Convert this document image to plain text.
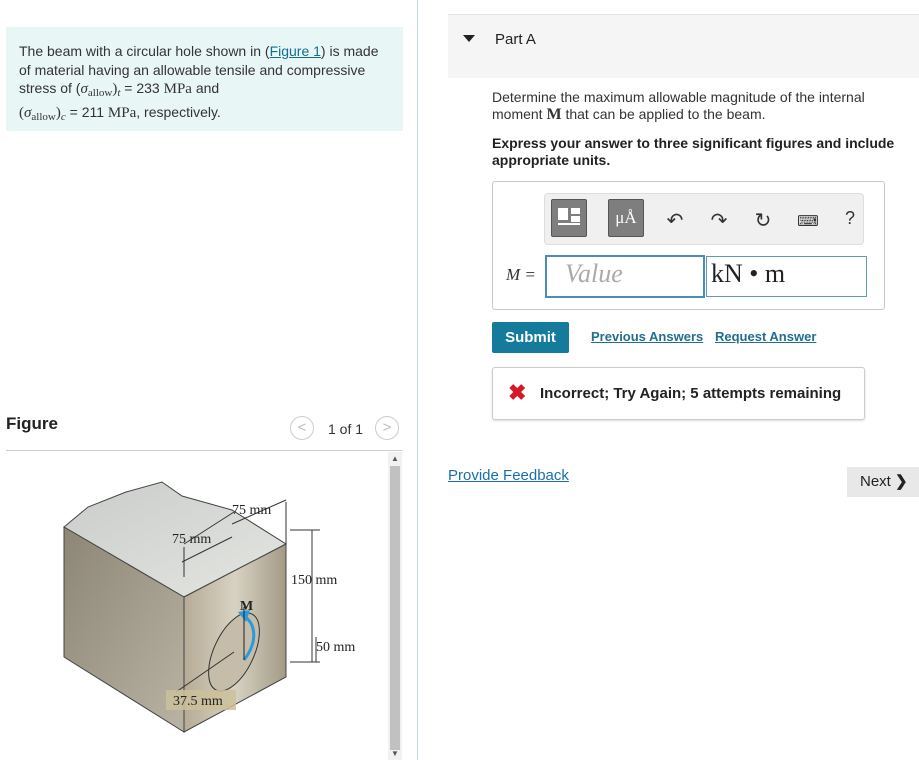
The beam with a circular hole shown in (Figure 1) is made of material having an allowable tensile and compressive stress of $(\sigma_{allow})_t = 233$ MPa and
$(\sigma_{allow})_c = 211$ MPa, respectively.
Figure	<	1 of 1	>
75 mm
75 mm
150 mm
50 mm
37.5 mm
M
▲
▼
Part A
Determine the maximum allowable magnitude of the internal moment M that can be applied to the beam.
Express your answer to three significant figures and include appropriate units.
μÅ	↶ ↷ ↻	⌨	?
M =	Value	kN • m
Submit	Previous Answers Request Answer
✖ Incorrect; Try Again; 5 attempts remaining
Provide Feedback	Next ❯
